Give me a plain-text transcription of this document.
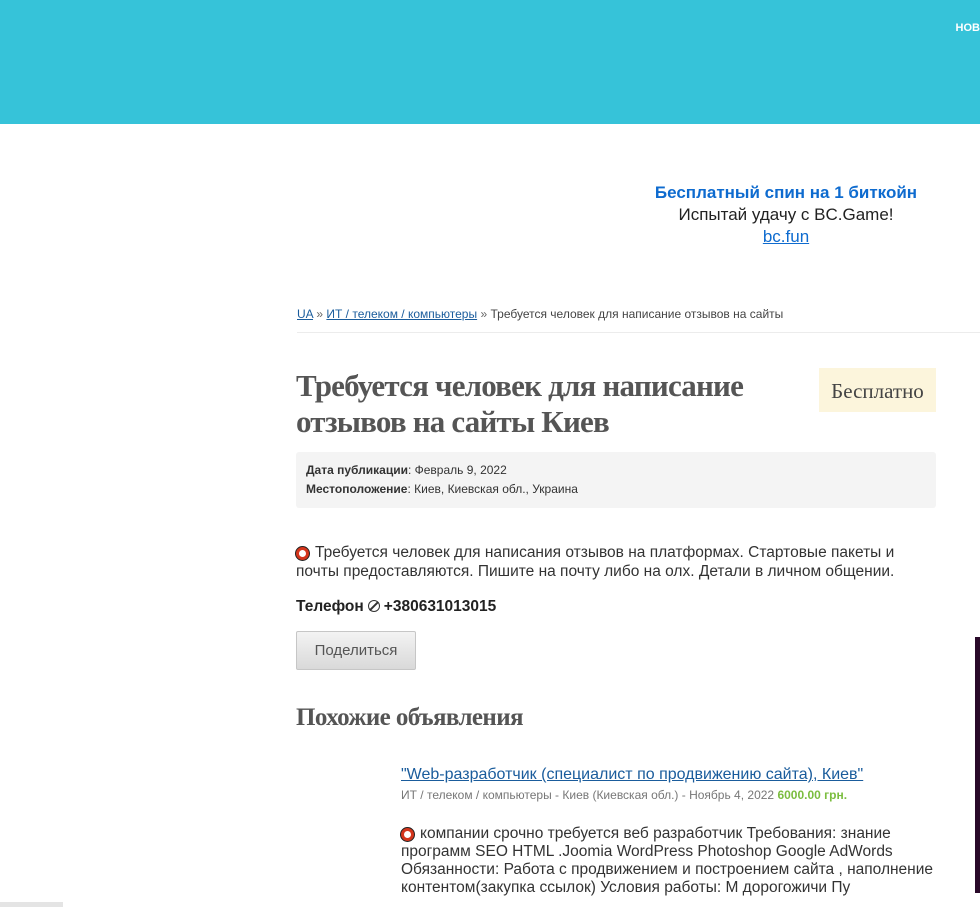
НОВ
Бесплатный спин на 1 биткойн
Испытай удачу с BC.Game!
bc.fun
UA » ИТ / телеком / компьютеры » Требуется человек для написание отзывов на сайты
Требуется человек для написание отзывов на сайты Киев
Бесплатно
Дата публикации: Февраль 9, 2022
Местоположение: Киев, Киевская обл., Украина
Требуется человек для написания отзывов на платформах. Стартовые пакеты и почты предоставляются. Пишите на почту либо на олх. Детали в личном общении.
Телефон +380631013015
Поделиться
Похожие объявления
"Web-разработчик (специалист по продвижению сайта), Киев"
ИТ / телеком / компьютеры - Киев (Киевская обл.) - Ноябрь 4, 2022 6000.00 грн.
компании срочно требуется веб разработчик Требования: знание программ SEO HTML .Joomia WordPress Photoshop Google AdWords Обязанности: Работа с продвижением и построением сайта , наполнение контентом(закупка ссылок) Условия работы: М дорогожичи Пу
